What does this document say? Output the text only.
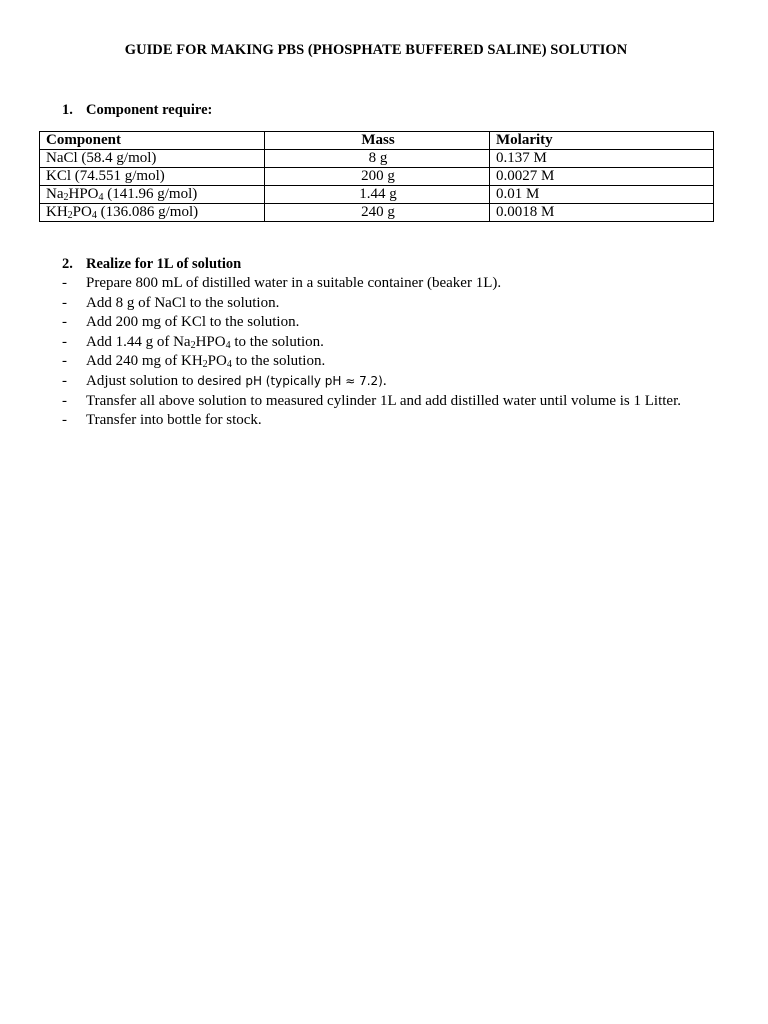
GUIDE FOR MAKING PBS (PHOSPHATE BUFFERED SALINE) SOLUTION
1. Component require:
Component	Mass	Molarity
NaCl (58.4 g/mol)	8 g	0.137 M
KCl (74.551 g/mol)	200 g	0.0027 M
$Na_2HPO_4$ (141.96 g/mol)	1.44 g	0.01 M
$KH_2PO_4$ (136.086 g/mol)	240 g	0.0018 M
2. Realize for 1L of solution
- Prepare 800 mL of distilled water in a suitable container (beaker 1L).
- Add 8 g of NaCl to the solution.
- Add 200 mg of KCl to the solution.
- Add 1.44 g of $Na_2HPO_4$ to the solution.
- Add 240 mg of $KH_2PO_4$ to the solution.
- Adjust solution to desired pH (typically pH ≈ 7.2).
- Transfer all above solution to measured cylinder 1L and add distilled water until volume is 1 Litter.
- Transfer into bottle for stock.
